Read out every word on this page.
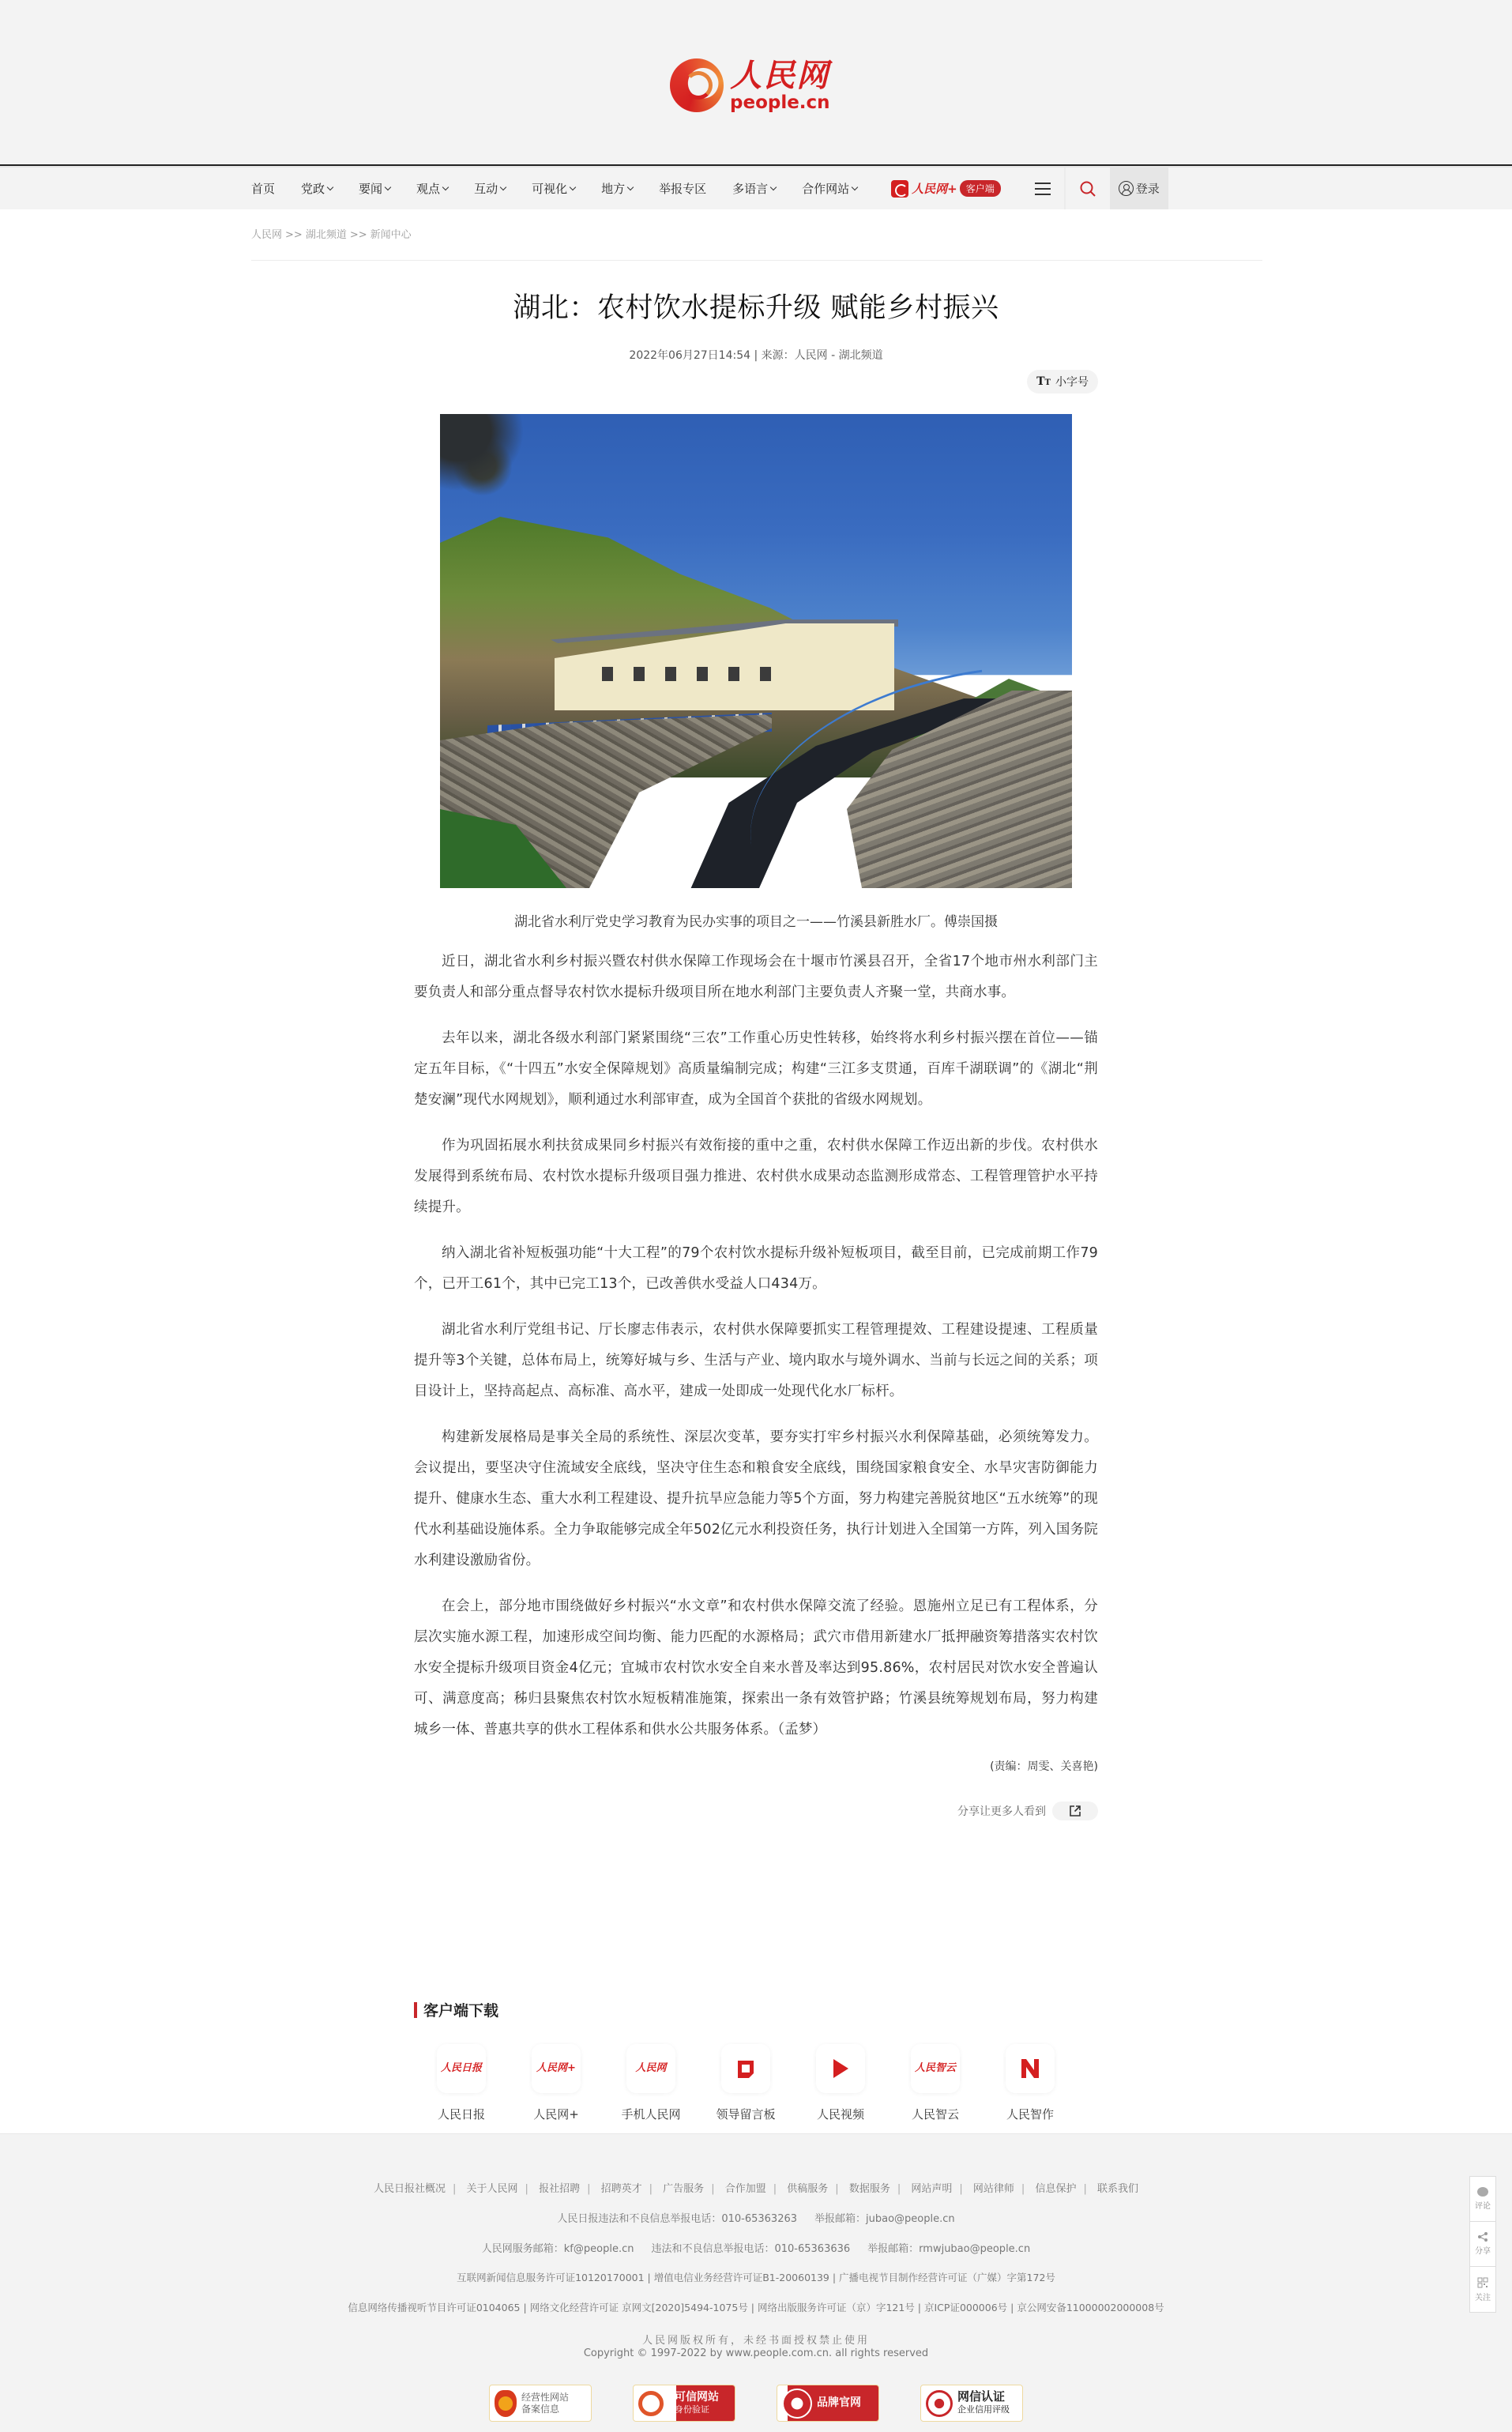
人民网
people.cn
首页 党政	要闻	观点	互动	可视化	地方	举报专区 多语言	合作网站	人民网+ 客户端	登录
人民网 >> 湖北频道 >> 新闻中心
湖北：农村饮水提标升级 赋能乡村振兴
2022年06月27日14:54 | 来源：人民网 - 湖北频道
TT 小字号
湖北省水利厅党史学习教育为民办实事的项目之一——竹溪县新胜水厂。傅崇国摄

近日，湖北省水利乡村振兴暨农村供水保障工作现场会在十堰市竹溪县召开，全省17个地市州水利部门主要负责人和部分重点督导农村饮水提标升级项目所在地水利部门主要负责人齐聚一堂，共商水事。

去年以来，湖北各级水利部门紧紧围绕“三农”工作重心历史性转移，始终将水利乡村振兴摆在首位——锚定五年目标，《“十四五”水安全保障规划》高质量编制完成；构建“三江多支贯通，百库千湖联调”的《湖北“荆楚安澜”现代水网规划》，顺利通过水利部审查，成为全国首个获批的省级水网规划。

作为巩固拓展水利扶贫成果同乡村振兴有效衔接的重中之重，农村供水保障工作迈出新的步伐。农村供水发展得到系统布局、农村饮水提标升级项目强力推进、农村供水成果动态监测形成常态、工程管理管护水平持续提升。

纳入湖北省补短板强功能“十大工程”的79个农村饮水提标升级补短板项目，截至目前，已完成前期工作79个，已开工61个，其中已完工13个，已改善供水受益人口434万。

湖北省水利厅党组书记、厅长廖志伟表示，农村供水保障要抓实工程管理提效、工程建设提速、工程质量提升等3个关键，总体布局上，统筹好城与乡、生活与产业、境内取水与境外调水、当前与长远之间的关系；项目设计上，坚持高起点、高标准、高水平，建成一处即成一处现代化水厂标杆。

构建新发展格局是事关全局的系统性、深层次变革，要夯实打牢乡村振兴水利保障基础，必须统筹发力。会议提出，要坚决守住流域安全底线，坚决守住生态和粮食安全底线，围绕国家粮食安全、水旱灾害防御能力提升、健康水生态、重大水利工程建设、提升抗旱应急能力等5个方面，努力构建完善脱贫地区“五水统筹”的现代水利基础设施体系。全力争取能够完成全年502亿元水利投资任务，执行计划进入全国第一方阵，列入国务院水利建设激励省份。

在会上，部分地市围绕做好乡村振兴“水文章”和农村供水保障交流了经验。恩施州立足已有工程体系，分层次实施水源工程，加速形成空间均衡、能力匹配的水源格局；武穴市借用新建水厂抵押融资筹措落实农村饮水安全提标升级项目资金4亿元；宜城市农村饮水安全自来水普及率达到95.86%，农村居民对饮水安全普遍认可、满意度高；秭归县聚焦农村饮水短板精准施策，探索出一条有效管护路；竹溪县统筹规划布局，努力构建城乡一体、普惠共享的供水工程体系和供水公共服务体系。（孟梦）

(责编：周雯、关喜艳)
分享让更多人看到
客户端下载
人民日报
人民日报
人民网+
人民网+
人民网
手机人民网	领导留言板	人民视频
人民智云
人民智云	人民智作
人民日报社概况 | 关于人民网 | 报社招聘 | 招聘英才 | 广告服务 | 合作加盟 | 供稿服务 | 数据服务 | 网站声明 | 网站律师 | 信息保护 | 联系我们
人民日报违法和不良信息举报电话：010-65363263 举报邮箱：jubao@people.cn
人民网服务邮箱：kf@people.cn 违法和不良信息举报电话：010-65363636 举报邮箱：rmwjubao@people.cn
互联网新闻信息服务许可证10120170001 | 增值电信业务经营许可证B1-20060139 | 广播电视节目制作经营许可证（广媒）字第172号
信息网络传播视听节目许可证0104065 | 网络文化经营许可证 京网文[2020]5494-1075号 | 网络出版服务许可证（京）字121号 | 京ICP证000006号 | 京公网安备11000002000008号
人民网版权所有，未经书面授权禁止使用
Copyright © 1997-2022 by www.people.com.cn. all rights reserved
经营性网站
备案信息
可信网站
身份验证	品牌官网	网信认证
企业信用评级
评论
分享
关注
